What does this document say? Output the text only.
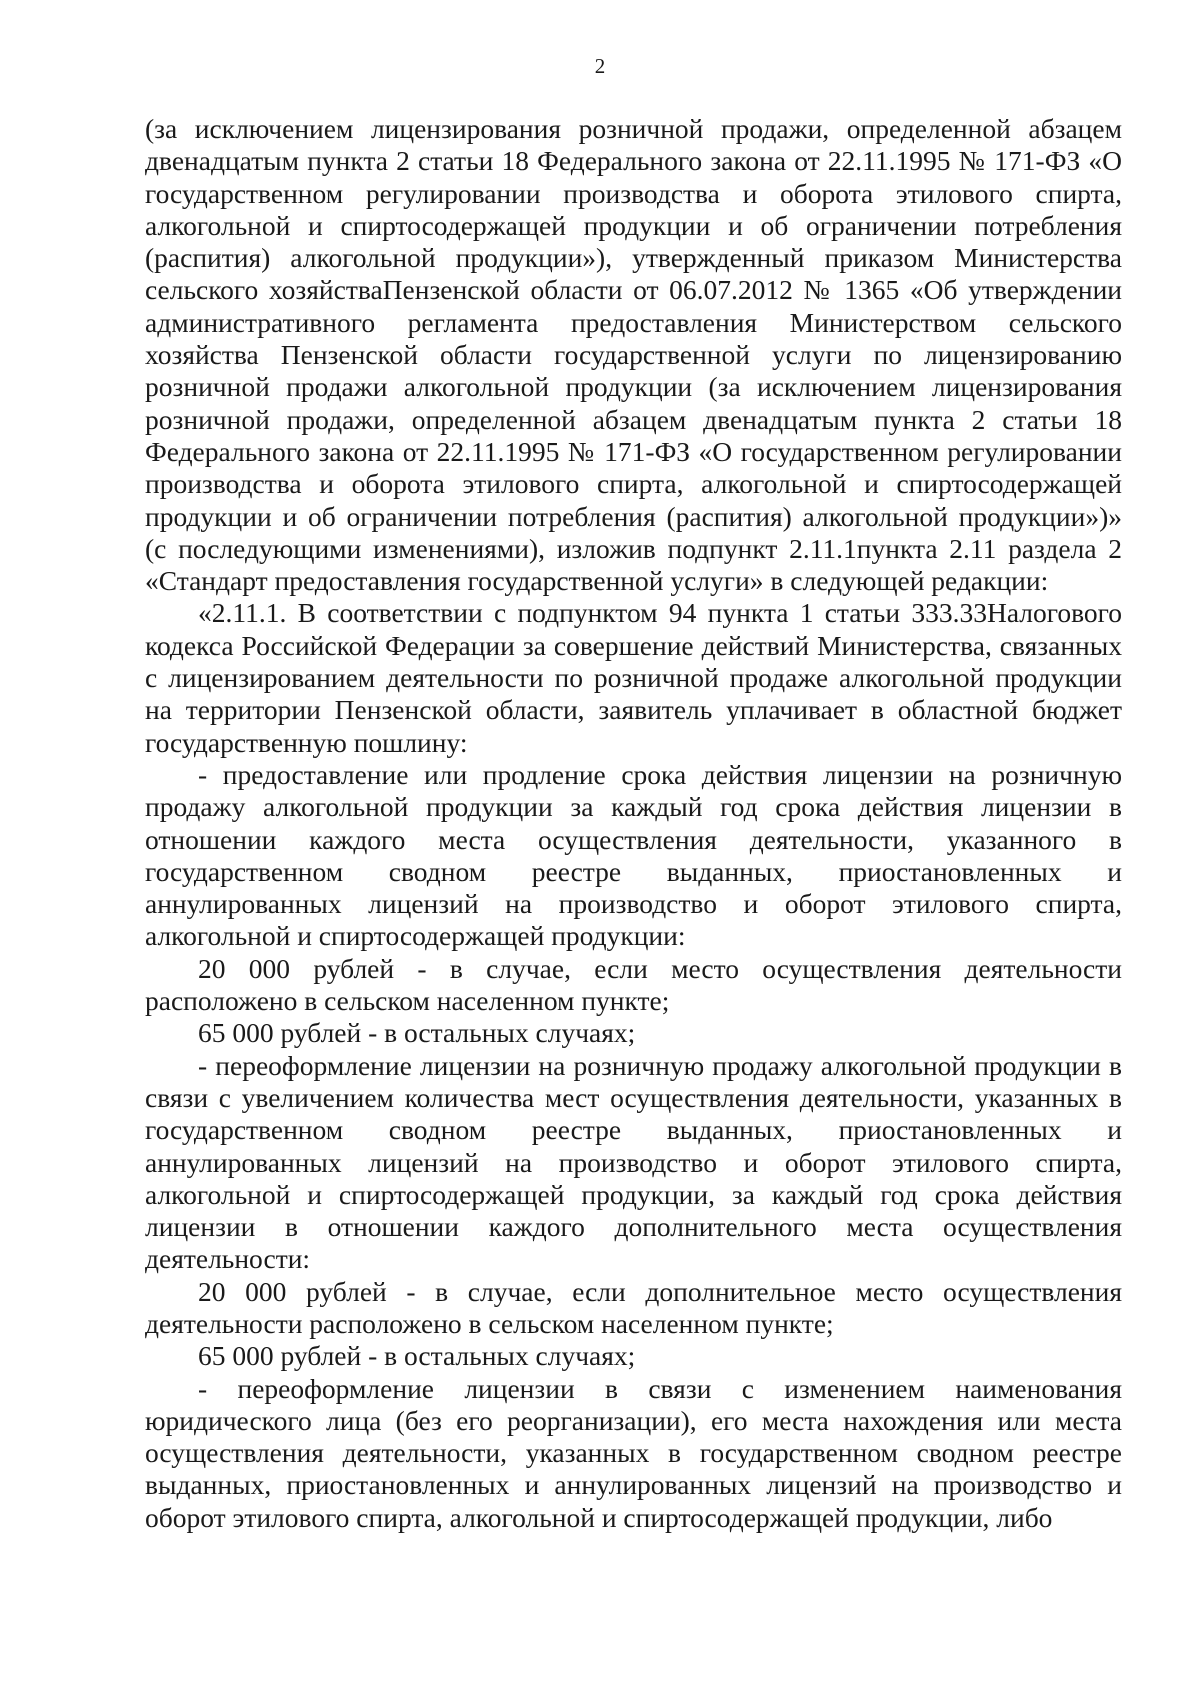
2

(за исключением лицензирования розничной продажи, определенной абзацем двенадцатым пункта 2 статьи 18 Федерального закона от 22.11.1995 № 171-ФЗ «О государственном регулировании производства и оборота этилового спирта, алкогольной и спиртосодержащей продукции и об ограничении потребления (распития) алкогольной продукции»), утвержденный приказом Министерства сельского хозяйстваПензенской области от 06.07.2012 № 1365 «Об утверждении административного регламента предоставления Министерством сельского хозяйства Пензенской области государственной услуги по лицензированию розничной продажи алкогольной продукции (за исключением лицензирования розничной продажи, определенной абзацем двенадцатым пункта 2 статьи 18 Федерального закона от 22.11.1995 № 171-ФЗ «О государственном регулировании производства и оборота этилового спирта, алкогольной и спиртосодержащей продукции и об ограничении потребления (распития) алкогольной продукции»)» (с последующими изменениями), изложив подпункт 2.11.1пункта 2.11 раздела 2 «Стандарт предоставления государственной услуги» в следующей редакции:

«2.11.1. В соответствии с подпунктом 94 пункта 1 статьи 333.33Налогового кодекса Российской Федерации за совершение действий Министерства, связанных с лицензированием деятельности по розничной продаже алкогольной продукции на территории Пензенской области, заявитель уплачивает в областной бюджет государственную пошлину:

- предоставление или продление срока действия лицензии на розничную продажу алкогольной продукции за каждый год срока действия лицензии в отношении каждого места осуществления деятельности, указанного в государственном сводном реестре выданных, приостановленных и аннулированных лицензий на производство и оборот этилового спирта, алкогольной и спиртосодержащей продукции:

20 000 рублей - в случае, если место осуществления деятельности расположено в сельском населенном пункте;

65 000 рублей - в остальных случаях;

- переоформление лицензии на розничную продажу алкогольной продукции в связи с увеличением количества мест осуществления деятельности, указанных в государственном сводном реестре выданных, приостановленных и аннулированных лицензий на производство и оборот этилового спирта, алкогольной и спиртосодержащей продукции, за каждый год срока действия лицензии в отношении каждого дополнительного места осуществления деятельности:

20 000 рублей - в случае, если дополнительное место осуществления деятельности расположено в сельском населенном пункте;

65 000 рублей - в остальных случаях;

- переоформление лицензии в связи с изменением наименования юридического лица (без его реорганизации), его места нахождения или места осуществления деятельности, указанных в государственном сводном реестре выданных, приостановленных и аннулированных лицензий на производство и оборот этилового спирта, алкогольной и спиртосодержащей продукции, либо
